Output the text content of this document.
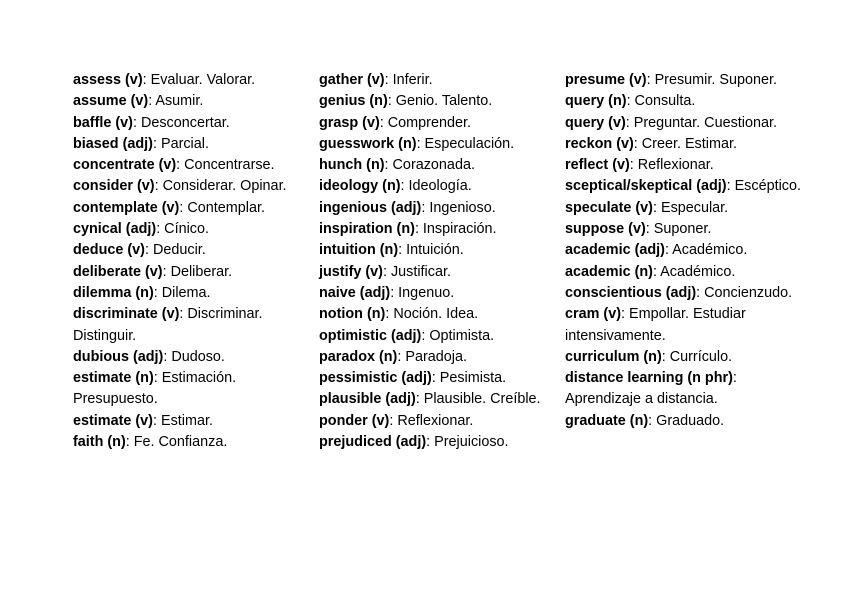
assess (v): Evaluar. Valorar.

assume (v): Asumir.

baffle (v): Desconcertar.

biased (adj): Parcial.

concentrate (v): Concentrarse.

consider (v): Considerar. Opinar.

contemplate (v): Contemplar.

cynical (adj): Cínico.

deduce (v): Deducir.

deliberate (v): Deliberar.

dilemma (n): Dilema.

discriminate (v): Discriminar. Distinguir.

dubious (adj): Dudoso.

estimate (n): Estimación. Presupuesto.

estimate (v): Estimar.

faith (n): Fe. Confianza.

gather (v): Inferir.

genius (n): Genio. Talento.

grasp (v): Comprender.

guesswork (n): Especulación.

hunch (n): Corazonada.

ideology (n): Ideología.

ingenious (adj): Ingenioso.

inspiration (n): Inspiración.

intuition (n): Intuición.

justify (v): Justificar.

naive (adj): Ingenuo.

notion (n): Noción. Idea.

optimistic (adj): Optimista.

paradox (n): Paradoja.

pessimistic (adj): Pesimista.

plausible (adj): Plausible. Creíble.

ponder (v): Reflexionar.

prejudiced (adj): Prejuicioso.

presume (v): Presumir. Suponer.

query (n): Consulta.

query (v): Preguntar. Cuestionar.

reckon (v): Creer. Estimar.

reflect (v): Reflexionar.

sceptical/skeptical (adj): Escéptico.

speculate (v): Especular.

suppose (v): Suponer.

academic (adj): Académico.

academic (n): Académico.

conscientious (adj): Concienzudo.

cram (v): Empollar. Estudiar intensivamente.

curriculum (n): Currículo.

distance learning (n phr): Aprendizaje a distancia.

graduate (n): Graduado.
